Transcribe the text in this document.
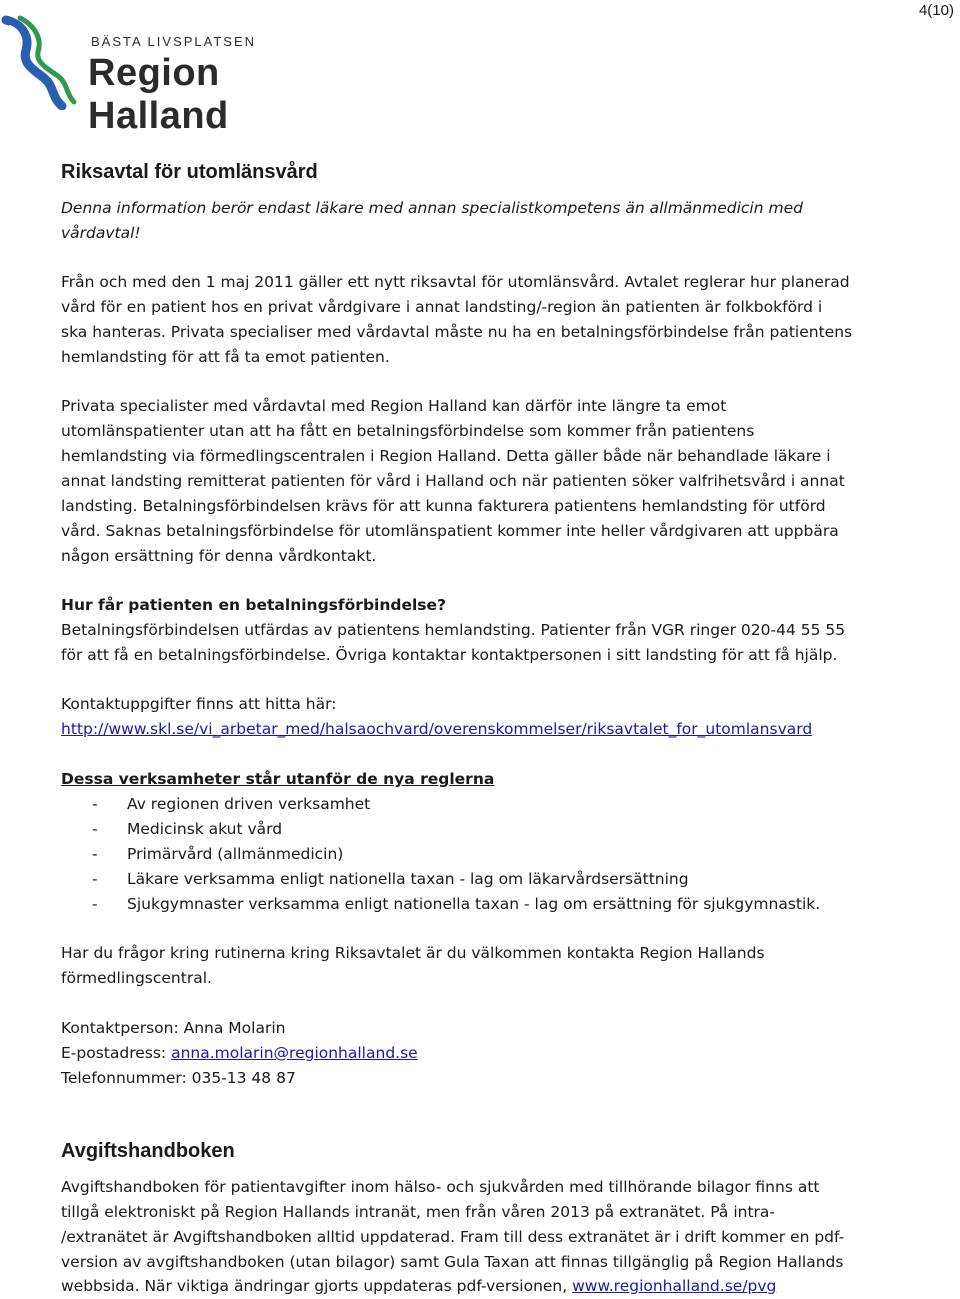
4(10)
BÄSTA LIVSPLATSEN
Region Halland
Riksavtal för utomlänsvård
Denna information berör endast läkare med annan specialistkompetens än allmänmedicin med
vårdavtal!
Från och med den 1 maj 2011 gäller ett nytt riksavtal för utomlänsvård. Avtalet reglerar hur planerad
vård för en patient hos en privat vårdgivare i annat landsting/-region än patienten är folkbokförd i
ska hanteras. Privata specialiser med vårdavtal måste nu ha en betalningsförbindelse från patientens
hemlandsting för att få ta emot patienten.
Privata specialister med vårdavtal med Region Halland kan därför inte längre ta emot
utomlänspatienter utan att ha fått en betalningsförbindelse som kommer från patientens
hemlandsting via förmedlingscentralen i Region Halland. Detta gäller både när behandlade läkare i
annat landsting remitterat patienten för vård i Halland och när patienten söker valfrihetsvård i annat
landsting. Betalningsförbindelsen krävs för att kunna fakturera patientens hemlandsting för utförd
vård. Saknas betalningsförbindelse för utomlänspatient kommer inte heller vårdgivaren att uppbära
någon ersättning för denna vårdkontakt.
Hur får patienten en betalningsförbindelse?
Betalningsförbindelsen utfärdas av patientens hemlandsting. Patienter från VGR ringer 020-44 55 55
för att få en betalningsförbindelse. Övriga kontaktar kontaktpersonen i sitt landsting för att få hjälp.
Kontaktuppgifter finns att hitta här:
http://www.skl.se/vi_arbetar_med/halsaochvard/overenskommelser/riksavtalet_for_utomlansvard
Dessa verksamheter står utanför de nya reglerna
- Av regionen driven verksamhet
- Medicinsk akut vård
- Primärvård (allmänmedicin)
- Läkare verksamma enligt nationella taxan - lag om läkarvårdsersättning
- Sjukgymnaster verksamma enligt nationella taxan - lag om ersättning för sjukgymnastik.
Har du frågor kring rutinerna kring Riksavtalet är du välkommen kontakta Region Hallands
förmedlingscentral.
Kontaktperson: Anna Molarin
E-postadress: anna.molarin@regionhalland.se
Telefonnummer: 035-13 48 87
Avgiftshandboken
Avgiftshandboken för patientavgifter inom hälso- och sjukvården med tillhörande bilagor finns att
tillgå elektroniskt på Region Hallands intranät, men från våren 2013 på extranätet. På intra-
/extranätet är Avgiftshandboken alltid uppdaterad. Fram till dess extranätet är i drift kommer en pdf-
version av avgiftshandboken (utan bilagor) samt Gula Taxan att finnas tillgänglig på Region Hallands
webbsida. När viktiga ändringar gjorts uppdateras pdf-versionen, www.regionhalland.se/pvg
